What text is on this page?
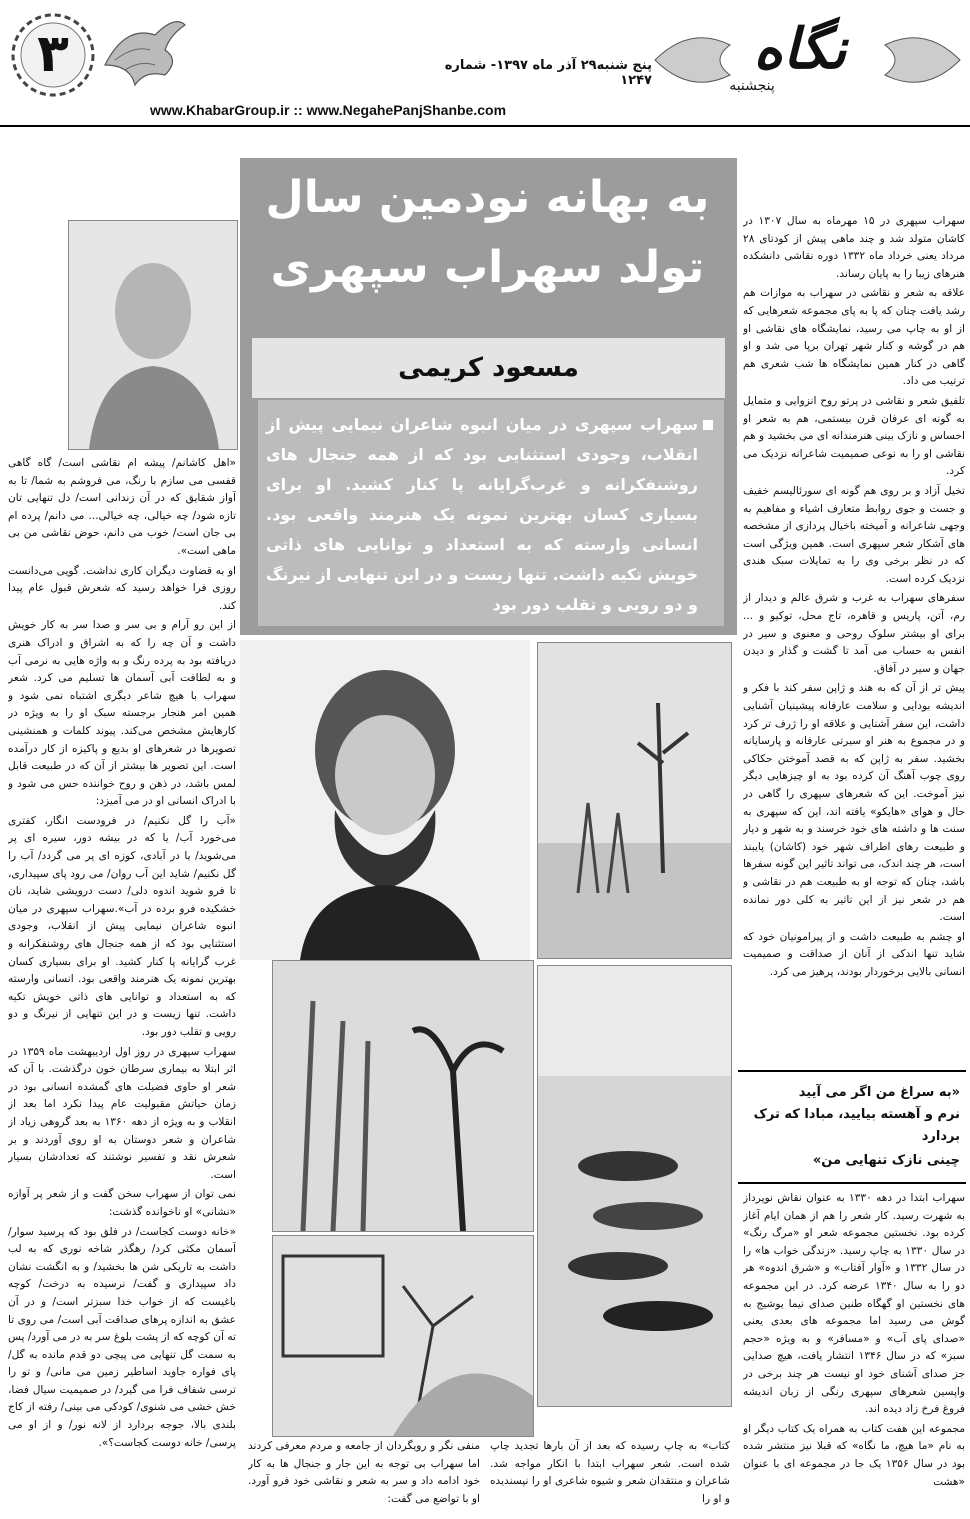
۳	پنج شنبه۲۹ آذر ماه ۱۳۹۷- شماره ۱۲۴۷
www.KhabarGroup.ir :: www.NegahePanjShanbe.com
نگاه
پنجشنبه
به بهانه نودمین سال
تولد سهراب سپهری
مسعود کریمی
سهراب سپهری در میان انبوه شاعران نیمایی پیش از انقلاب، وجودی استثنایی بود که از همه جنجال های روشنفکرانه و غرب‌گرایانه پا کنار کشید. او برای بسیاری کسان بهترین نمونه یک هنرمند واقعی بود. انسانی وارسته که به استعداد و توانایی های ذاتی خویش تکیه داشت. تنها زیست و در این تنهایی از نیرنگ و دو رویی و تقلب دور بود

سهراب سپهری در ۱۵ مهرماه به سال ۱۳۰۷ در کاشان متولد شد و چند ماهی پیش از کودتای ۲۸ مرداد یعنی خرداد ماه ۱۳۳۲ دوره نقاشی دانشکده هنرهای زیبا را به پایان رساند.

علاقه به شعر و نقاشی در سهراب به موازات هم رشد یافت چنان که پا به پای مجموعه شعرهایی که از او به چاپ می رسید، نمایشگاه های نقاشی او هم در گوشه و کنار شهر تهران برپا می شد و او گاهی در کنار همین نمایشگاه ها شب شعری هم ترتیب می داد.

تلفیق شعر و نقاشی در پرتو روح انزوایی و متمایل به گونه ای عرفان قرن بیستمی، هم به شعر او احساس و نازک بینی هنرمندانه ای می بخشید و هم نقاشی او را به نوعی صمیمیت شاعرانه نزدیک می کرد.

تخیل آزاد و بر روی هم گونه ای سورئالیسم خفیف و جست و جوی روابط متعارف اشیاء و مفاهیم به وجهی شاعرانه و آمیخته باخیال پردازی از مشخصه های آشکار شعر سپهری است. همین ویژگی است که در نظر برخی وی را به تمایلات سبک هندی نزدیک کرده است.

سفرهای سهراب به غرب و شرق عالم و دیدار از رم، آتن، پاریس و قاهره، تاج محل، توکیو و ... برای او بیشتر سلوک روحی و معنوی و سیر در انفس به حساب می آمد تا گشت و گذار و دیدن جهان و سیر در آفاق.

پیش تر از آن که به هند و ژاپن سفر کند با فکر و اندیشه بودایی و سلامت عارفانه پیشینیان آشنایی داشت، این سفر آشنایی و علاقه او را ژرف تر کرد و در مجموع به هنر او سیرتی عارفانه و پارسایانه بخشید. سفر به ژاپن که به قصد آموختن حکاکی روی چوب آهنگ آن کرده بود به او چیزهایی دیگر نیز آموخت. این که شعرهای سپهری را گاهی در حال و هوای «هایکو» یافته اند، این که سپهری به سنت ها و داشته های خود خرسند و به شهر و دیار و طبیعت رهای اطراف شهر خود (کاشان) پایبند است، هر چند اندک، می تواند تاثیر این گونه سفرها باشد، چنان که توجه او به طبیعت هم در نقاشی و هم در شعر نیز از این تاثیر به کلی دور نمانده است.

او چشم به طبیعت داشت و از پیرامونیان خود که شاید تنها اندکی از آنان از صداقت و صمیمیت انسانی بالایی برخوردار بودند، پرهیز می کرد.

«به سراغ من اگر می آیید
نرم و آهسته بیایید، مبادا که ترک بردارد
چینی نازک تنهایی من»

سهراب ابتدا در دهه ۱۳۳۰ به عنوان نقاش نوپرداز به شهرت رسید. کار شعر را هم از همان ایام آغاز کرده بود. نخستین مجموعه شعر او «مرگ رنگ» در سال ۱۳۳۰ به چاپ رسید. «زندگی خواب ها» را در سال ۱۳۳۲ و «آوار آفتاب» و «شرق اندوه» هر دو را به سال ۱۳۴۰ عرضه کرد. در این مجموعه های نخستین او گهگاه طنین صدای نیما یوشیج به گوش می رسید اما مجموعه های بعدی یعنی «صدای پای آب» و «مسافر» و به ویژه «حجم سبز» که در سال ۱۳۴۶ انتشار یافت، هیچ صدایی جز صدای آشنای خود او نیست هر چند برخی در واپسین شعرهای سپهری رنگی از زبان اندیشه فروغ فرخ زاد دیده اند.

مجموعه این هفت کتاب به همراه یک کتاب دیگر او به نام «ما هیچ، ما نگاه» که قبلا نیز منتشر شده بود در سال ۱۳۵۶ یک جا در مجموعه ای با عنوان «هشت

«اهل کاشانم/ پیشه ام نقاشی است/ گاه گاهی قفسی می سازم با رنگ، می فروشم به شما/ تا به آواز شقایق که در آن زندانی است/ دل تنهایی تان تازه شود/ چه خیالی، چه خیالی... می دانم/ پرده ام بی جان است/ خوب می دانم، حوض نقاشی من بی ماهی است».

او به قضاوت دیگران کاری نداشت. گویی می‌دانست روزی فرا خواهد رسید که شعرش قبول عام پیدا کند.

از این رو آرام و بی سر و صدا سر به کار خویش داشت و آن چه را که به اشراق و ادراک هنری دریافته بود به پرده رنگ و به واژه هایی به نرمی آب و به لطافت آبی آسمان ها تسلیم می کرد. شعر سهراب با هیچ شاعر دیگری اشتباه نمی شود و همین امر هنجار برجسته سبک او را به ویژه در کارهایش مشخص می‌کند. پیوند کلمات و همنشینی تصویرها در شعرهای او بدیع و پاکیزه از کار درآمده است. این تصویر ها بیشتر از آن که در طبیعت قابل لمس باشد، در ذهن و روح خواننده حس می شود و با ادراک انسانی او در می آمیزد:

«آب را گل نکنیم/ در فرودست انگار، کفتری می‌خورد آب/ یا که در بیشه دور، سیره ای پر می‌شوید/ یا در آبادی، کوزه ای پر می گردد/ آب را گل نکنیم/ شاید این آب روان/ می رود پای سپیداری، تا فرو شوید اندوه دلی/ دست درویشی شاید، نان خشکیده فرو برده در آب».سهراب سپهری در میان انبوه شاعران نیمایی پیش از انقلاب، وجودی استثنایی بود که از همه جنجال های روشنفکرانه و غرب گرایانه پا کنار کشید. او برای بسیاری کسان بهترین نمونه یک هنرمند واقعی بود. انسانی وارسته که به استعداد و توانایی های ذاتی خویش تکیه داشت. تنها زیست و در این تنهایی از نیرنگ و دو رویی و تقلب دور بود.

سهراب سپهری در روز اول اردیبهشت ماه ۱۳۵۹ در اثر ابتلا به بیماری سرطان خون درگذشت. با آن که شعر او حاوی فضیلت های گمشده انسانی بود در زمان حیاتش مقبولیت عام پیدا نکرد اما بعد از انقلاب و به ویژه از دهه ۱۳۶۰ به بعد گروهی زیاد از شاعران و شعر دوستان به او روی آوردند و بر شعرش نقد و تفسیر نوشتند که تعدادشان بسیار است.

نمی توان از سهراب سخن گفت و از شعر پر آوازه «نشانی» او ناخوانده گذشت:

«خانه دوست کجاست/ در فلق بود که پرسید سوار/ آسمان مکثی کرد/ رهگذر شاخه نوری که به لب داشت به تاریکی شن ها بخشید/ و به انگشت نشان داد سپیداری و گفت/ نرسیده به درخت/ کوچه باغیست که از خواب خدا سبزتر است/ و در آن عشق به اندازه پرهای صداقت آبی است/ می روی تا ته آن کوچه که از پشت بلوغ سر به در می آورد/ پس به سمت گل تنهایی می پیچی دو قدم مانده به گل/ پای فواره جاوید اساطیر زمین می مانی/ و تو را ترسی شفاف فرا می گیرد/ در صمیمیت سیال فضا، خش خشی می شنوی/ کودکی می بینی/ رفته از کاج بلندی بالا، جوجه بردارد از لانه نور/ و از او می پرسی/ خانه دوست کجاست؟».	کتاب» به چاپ رسیده که بعد از آن بارها تجدید چاپ شده است. شعر سهراب ابتدا با انکار مواجه شد. شاعران و منتقدان شعر و شیوه شاعری او را نپسندیده و او را
منفی نگر و رویگردان از جامعه و مردم معرفی کردند اما سهراب بی توجه به این جار و جنجال ها به کار خود ادامه داد و سر به شعر و نقاشی خود فرو آورد. او با تواضع می گفت:
